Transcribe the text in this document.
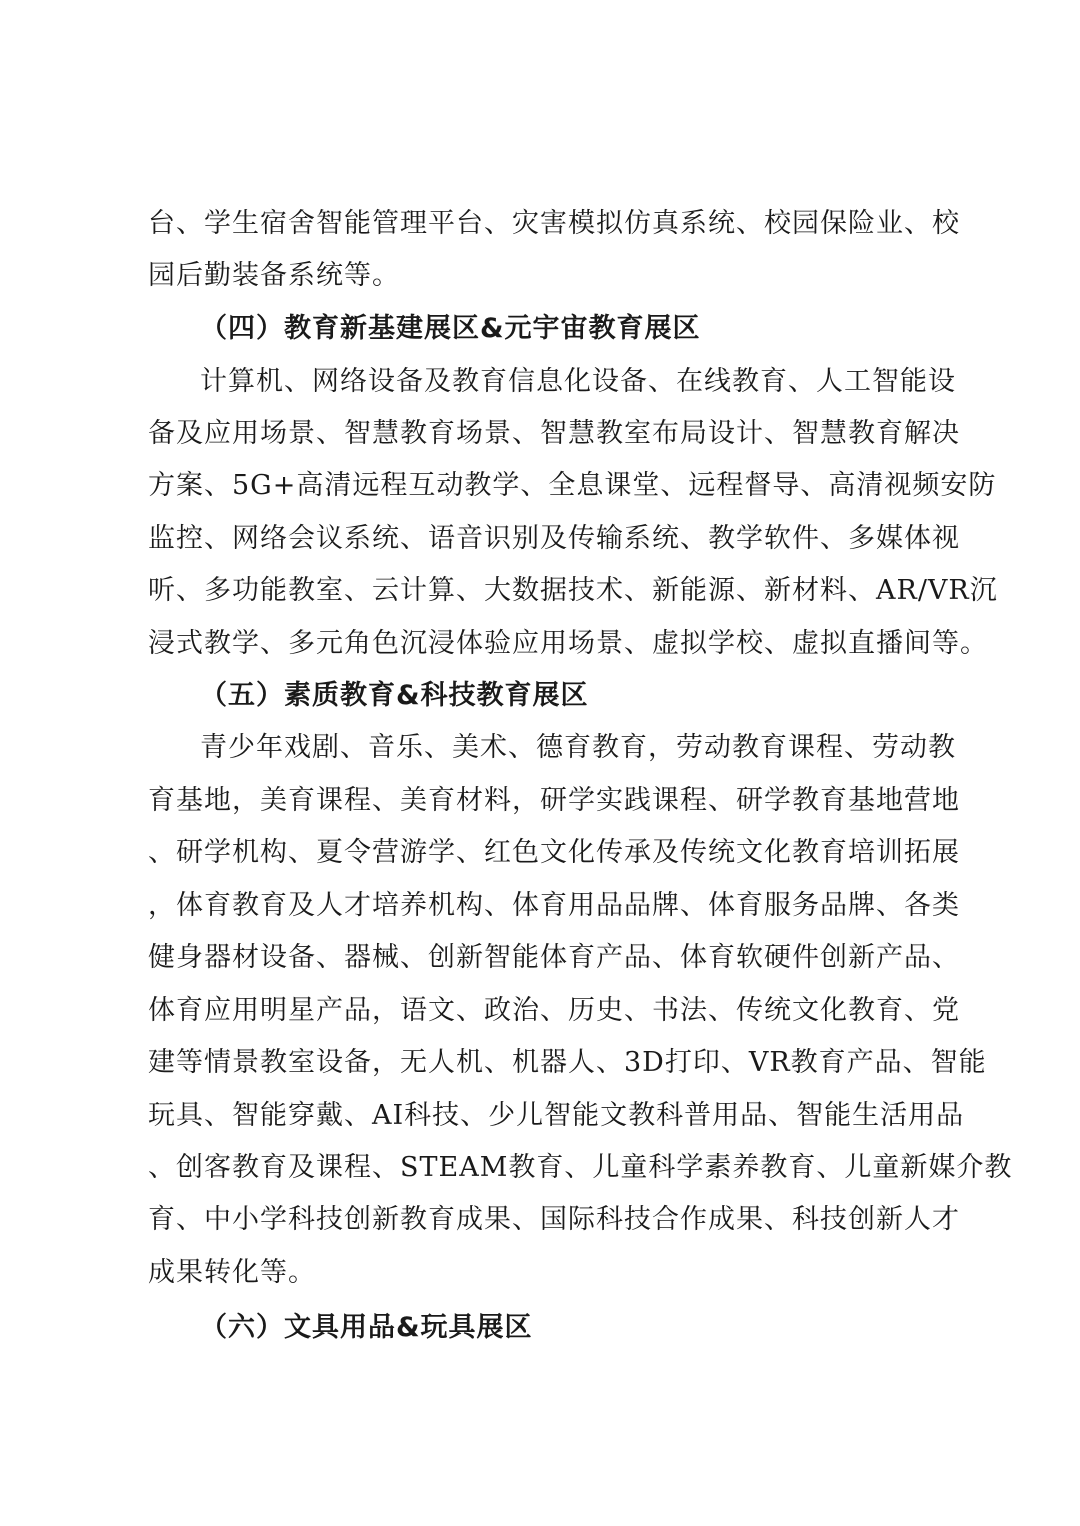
台、学生宿舍智能管理平台、灾害模拟仿真系统、校园保险业、校
园后勤装备系统等。
（四）教育新基建展区&元宇宙教育展区
计算机、网络设备及教育信息化设备、在线教育、人工智能设
备及应用场景、智慧教育场景、智慧教室布局设计、智慧教育解决
方案、5G+高清远程互动教学、全息课堂、远程督导、高清视频安防
监控、网络会议系统、语音识别及传输系统、教学软件、多媒体视
听、多功能教室、云计算、大数据技术、新能源、新材料、AR/VR沉
浸式教学、多元角色沉浸体验应用场景、虚拟学校、虚拟直播间等。
（五）素质教育&科技教育展区
青少年戏剧、音乐、美术、德育教育，劳动教育课程、劳动教
育基地，美育课程、美育材料，研学实践课程、研学教育基地营地
、研学机构、夏令营游学、红色文化传承及传统文化教育培训拓展
，体育教育及人才培养机构、体育用品品牌、体育服务品牌、各类
健身器材设备、器械、创新智能体育产品、体育软硬件创新产品、
体育应用明星产品，语文、政治、历史、书法、传统文化教育、党
建等情景教室设备，无人机、机器人、3D打印、VR教育产品、智能
玩具、智能穿戴、AI科技、少儿智能文教科普用品、智能生活用品
、创客教育及课程、STEAM教育、儿童科学素养教育、儿童新媒介教
育、中小学科技创新教育成果、国际科技合作成果、科技创新人才
成果转化等。
（六）文具用品&玩具展区
